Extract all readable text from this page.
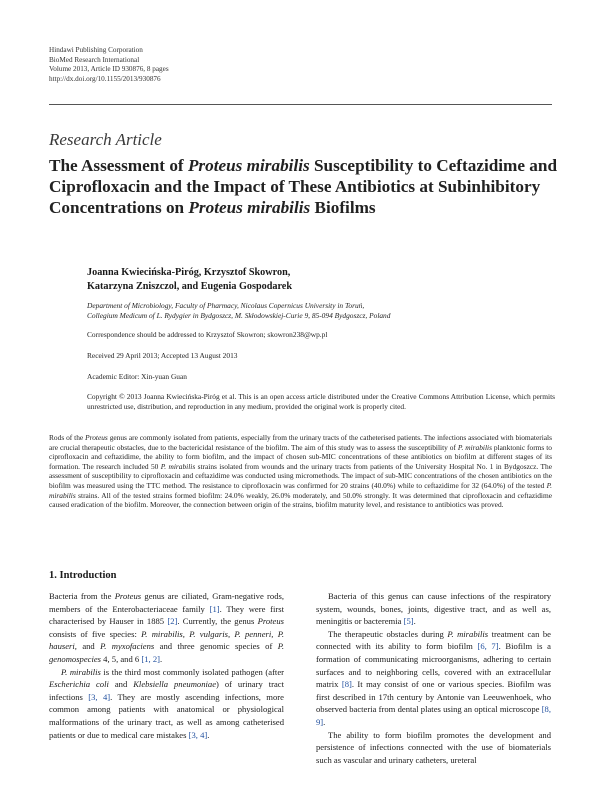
Hindawi Publishing Corporation
BioMed Research International
Volume 2013, Article ID 930876, 8 pages
http://dx.doi.org/10.1155/2013/930876
Research Article
The Assessment of Proteus mirabilis Susceptibility to Ceftazidime and Ciprofloxacin and the Impact of These Antibiotics at Subinhibitory Concentrations on Proteus mirabilis Biofilms
Joanna Kwiecińska-Piróg, Krzysztof Skowron,
Katarzyna Zniszczol, and Eugenia Gospodarek
Department of Microbiology, Faculty of Pharmacy, Nicolaus Copernicus University in Toruń,
Collegium Medicum of L. Rydygier in Bydgoszcz, M. Skłodowskiej-Curie 9, 85-094 Bydgoszcz, Poland
Correspondence should be addressed to Krzysztof Skowron; skowron238@wp.pl
Received 29 April 2013; Accepted 13 August 2013
Academic Editor: Xin-yuan Guan
Copyright © 2013 Joanna Kwiecińska-Piróg et al. This is an open access article distributed under the Creative Commons Attribution License, which permits unrestricted use, distribution, and reproduction in any medium, provided the original work is properly cited.
Rods of the Proteus genus are commonly isolated from patients, especially from the urinary tracts of the catheterised patients. The infections associated with biomaterials are crucial therapeutic obstacles, due to the bactericidal resistance of the biofilm. The aim of this study was to assess the susceptibility of P. mirabilis planktonic forms to ciprofloxacin and ceftazidime, the ability to form biofilm, and the impact of chosen sub-MIC concentrations of these antibiotics on biofilm at different stages of its formation. The research included 50 P. mirabilis strains isolated from wounds and the urinary tracts from patients of the University Hospital No. 1 in Bydgoszcz. The assessment of susceptibility to ciprofloxacin and ceftazidime was conducted using micromethods. The impact of sub-MIC concentrations of the chosen antibiotics on the biofilm was measured using the TTC method. The resistance to ciprofloxacin was confirmed for 20 strains (40.0%) while to ceftazidime for 32 (64.0%) of the tested P. mirabilis strains. All of the tested strains formed biofilm: 24.0% weakly, 26.0% moderately, and 50.0% strongly. It was determined that ciprofloxacin and ceftazidime caused eradication of the biofilm. Moreover, the connection between origin of the strains, biofilm maturity level, and resistance to antibiotics was proved.
1. Introduction

Bacteria from the Proteus genus are ciliated, Gram-negative rods, members of the Enterobacteriaceae family [1]. They were first characterised by Hauser in 1885 [2]. Currently, the genus Proteus consists of five species: P. mirabilis, P. vulgaris, P. penneri, P. hauseri, and P. myxofaciens and three genomic species of P. genomospecies 4, 5, and 6 [1, 2].

P. mirabilis is the third most commonly isolated pathogen (after Escherichia coli and Klebsiella pneumoniae) of urinary tract infections [3, 4]. They are mostly ascending infections, more common among patients with anatomical or physiological malformations of the urinary tract, as well as among catheterised patients or due to medical care mistakes [3, 4].

Bacteria of this genus can cause infections of the respiratory system, wounds, bones, joints, digestive tract, and as well as, meningitis or bacteremia [5].

The therapeutic obstacles during P. mirabilis treatment can be connected with its ability to form biofilm [6, 7]. Biofilm is a formation of communicating microorganisms, adhering to certain surfaces and to neighboring cells, covered with an extracellular matrix [8]. It may consist of one or various species. Biofilm was first described in 17th century by Antonie van Leeuwenhoek, who observed bacteria from dental plates using an optical microscope [8, 9].

The ability to form biofilm promotes the development and persistence of infections connected with the use of biomaterials such as vascular and urinary catheters, ureteral
